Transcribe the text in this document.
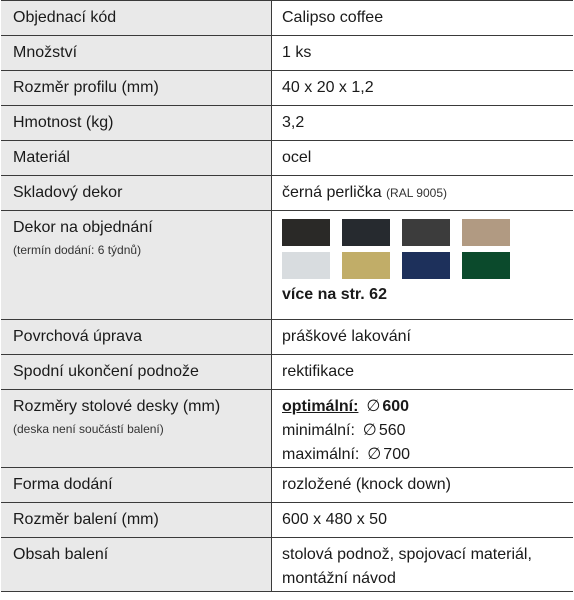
Objednací kód	Calipso coffee
Množství	1 ks
Rozměr profilu (mm)	40 x 20 x 1,2
Hmotnost (kg)	3,2
Materiál	ocel
Skladový dekor	černá perlička (RAL 9005)
Dekor na objednání
(termín dodání: 6 týdnů)	více na str. 62

Povrchová úprava	práškové lakování
Spodní ukončení podnože	rektifikace
Rozměry stolové desky (mm)
(deska není součástí balení)	optimální: ∅ 600
minimální: ∅ 560
maximální: ∅ 700

Forma dodání	rozložené (knock down)
Rozměr balení (mm)	600 x 480 x 50
Obsah balení	stolová podnož, spojovací materiál, montážní návod
